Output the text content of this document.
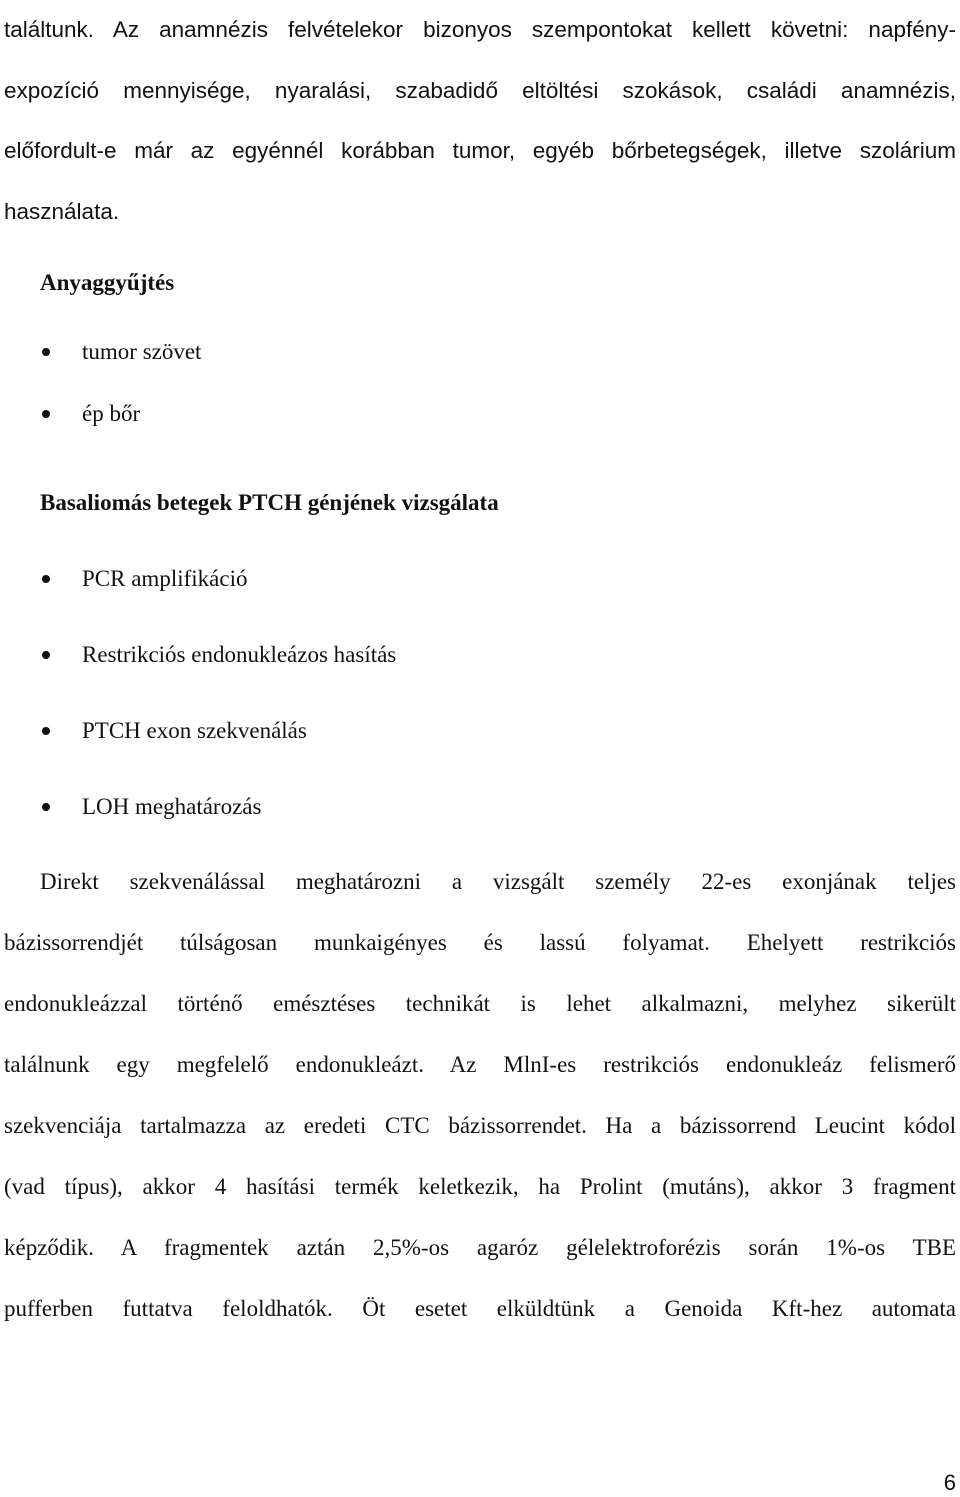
találtunk. Az anamnézis felvételekor bizonyos szempontokat kellett követni: napfény-
expozíció mennyisége, nyaralási, szabadidő eltöltési szokások, családi anamnézis,
előfordult-e már az egyénnél korábban tumor, egyéb bőrbetegségek, illetve szolárium
használata.
Anyaggyűjtés
tumor szövet
ép bőr
Basaliomás betegek PTCH génjének vizsgálata
PCR amplifikáció
Restrikciós endonukleázos hasítás
PTCH exon szekvenálás
LOH meghatározás
Direkt szekvenálással meghatározni a vizsgált személy 22-es exonjának teljes
bázissorrendjét túlságosan munkaigényes és lassú folyamat. Ehelyett restrikciós
endonukleázzal történő emésztéses technikát is lehet alkalmazni, melyhez sikerült
találnunk egy megfelelő endonukleázt. Az MlnI-es restrikciós endonukleáz felismerő
szekvenciája tartalmazza az eredeti CTC bázissorrendet. Ha a bázissorrend Leucint kódol
(vad típus), akkor 4 hasítási termék keletkezik, ha Prolint (mutáns), akkor 3 fragment
képződik. A fragmentek aztán 2,5%-os agaróz gélelektroforézis során 1%-os TBE
pufferben futtatva feloldhatók. Öt esetet elküldtünk a Genoida Kft-hez automata
6
